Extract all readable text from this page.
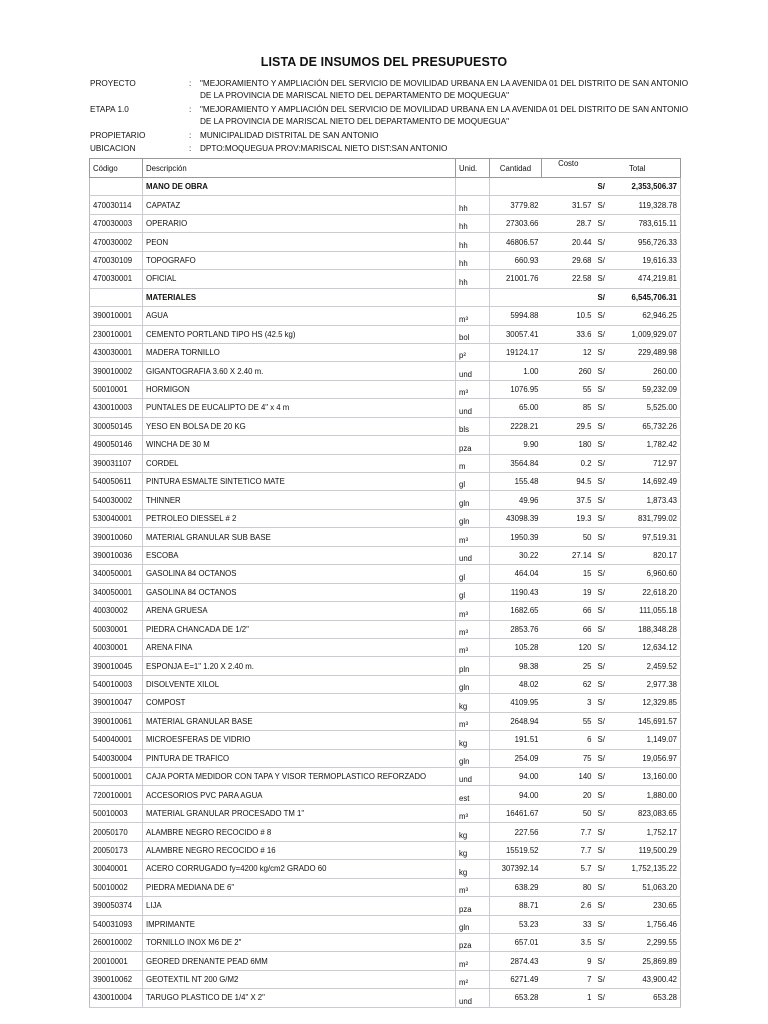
LISTA DE INSUMOS DEL PRESUPUESTO
PROYECTO	: "MEJORAMIENTO Y AMPLIACIÓN DEL SERVICIO DE MOVILIDAD URBANA EN LA AVENIDA 01 DEL DISTRITO DE SAN ANTONIO DE LA PROVINCIA DE MARISCAL NIETO DEL DEPARTAMENTO DE MOQUEGUA"
ETAPA 1.0	: "MEJORAMIENTO Y AMPLIACIÓN DEL SERVICIO DE MOVILIDAD URBANA EN LA AVENIDA 01 DEL DISTRITO DE SAN ANTONIO DE LA PROVINCIA DE MARISCAL NIETO DEL DEPARTAMENTO DE MOQUEGUA"
PROPIETARIO	: MUNICIPALIDAD DISTRITAL DE SAN ANTONIO
UBICACION	: DPTO:MOQUEGUA PROV:MARISCAL NIETO DIST:SAN ANTONIO
Código	Descripción	Unid.	Cantidad	Costo	Total	
	MANO DE OBRA				S/	2,353,506.37
470030114	CAPATAZ	hh	3779.82	31.57	S/	119,328.78
470030003	OPERARIO	hh	27303.66	28.7	S/	783,615.11
470030002	PEON	hh	46806.57	20.44	S/	956,726.33
470030109	TOPOGRAFO	hh	660.93	29.68	S/	19,616.33
470030001	OFICIAL	hh	21001.76	22.58	S/	474,219.81
	MATERIALES				S/	6,545,706.31
390010001	AGUA	m³	5994.88	10.5	S/	62,946.25
230010001	CEMENTO PORTLAND TIPO HS (42.5 kg)	bol	30057.41	33.6	S/	1,009,929.07
430030001	MADERA TORNILLO	p²	19124.17	12	S/	229,489.98
390010002	GIGANTOGRAFIA 3.60 X 2.40 m.	und	1.00	260	S/	260.00
50010001	HORMIGON	m³	1076.95	55	S/	59,232.09
430010003	PUNTALES DE EUCALIPTO DE 4" x 4 m	und	65.00	85	S/	5,525.00
300050145	YESO EN BOLSA DE 20 KG	bls	2228.21	29.5	S/	65,732.26
490050146	WINCHA DE 30 M	pza	9.90	180	S/	1,782.42
390031107	CORDEL	m	3564.84	0.2	S/	712.97
540050611	PINTURA ESMALTE SINTETICO MATE	gl	155.48	94.5	S/	14,692.49
540030002	THINNER	gln	49.96	37.5	S/	1,873.43
530040001	PETROLEO DIESSEL # 2	gln	43098.39	19.3	S/	831,799.02
390010060	MATERIAL GRANULAR SUB BASE	m³	1950.39	50	S/	97,519.31
390010036	ESCOBA	und	30.22	27.14	S/	820.17
340050001	GASOLINA 84 OCTANOS	gl	464.04	15	S/	6,960.60
340050001	GASOLINA 84 OCTANOS	gl	1190.43	19	S/	22,618.20
40030002	ARENA GRUESA	m³	1682.65	66	S/	111,055.18
50030001	PIEDRA CHANCADA DE 1/2"	m³	2853.76	66	S/	188,348.28
40030001	ARENA FINA	m³	105.28	120	S/	12,634.12
390010045	ESPONJA E=1" 1.20 X 2.40 m.	pln	98.38	25	S/	2,459.52
540010003	DISOLVENTE XILOL	gln	48.02	62	S/	2,977.38
390010047	COMPOST	kg	4109.95	3	S/	12,329.85
390010061	MATERIAL GRANULAR BASE	m³	2648.94	55	S/	145,691.57
540040001	MICROESFERAS DE VIDRIO	kg	191.51	6	S/	1,149.07
540030004	PINTURA DE TRAFICO	gln	254.09	75	S/	19,056.97
500010001	CAJA PORTA MEDIDOR CON TAPA Y VISOR TERMOPLASTICO REFORZADO	und	94.00	140	S/	13,160.00
720010001	ACCESORIOS PVC PARA AGUA	est	94.00	20	S/	1,880.00
50010003	MATERIAL GRANULAR PROCESADO TM 1"	m³	16461.67	50	S/	823,083.65
20050170	ALAMBRE NEGRO RECOCIDO # 8	kg	227.56	7.7	S/	1,752.17
20050173	ALAMBRE NEGRO RECOCIDO # 16	kg	15519.52	7.7	S/	119,500.29
30040001	ACERO CORRUGADO fy=4200 kg/cm2 GRADO 60	kg	307392.14	5.7	S/	1,752,135.22
50010002	PIEDRA MEDIANA DE 6"	m³	638.29	80	S/	51,063.20
390050374	LIJA	pza	88.71	2.6	S/	230.65
540031093	IMPRIMANTE	gln	53.23	33	S/	1,756.46
260010002	TORNILLO INOX M6 DE 2"	pza	657.01	3.5	S/	2,299.55
20010001	GEORED DRENANTE PEAD 6MM	m²	2874.43	9	S/	25,869.89
390010062	GEOTEXTIL NT 200 G/M2	m²	6271.49	7	S/	43,900.42
430010004	TARUGO PLASTICO DE 1/4" X 2"	und	653.28	1	S/	653.28
